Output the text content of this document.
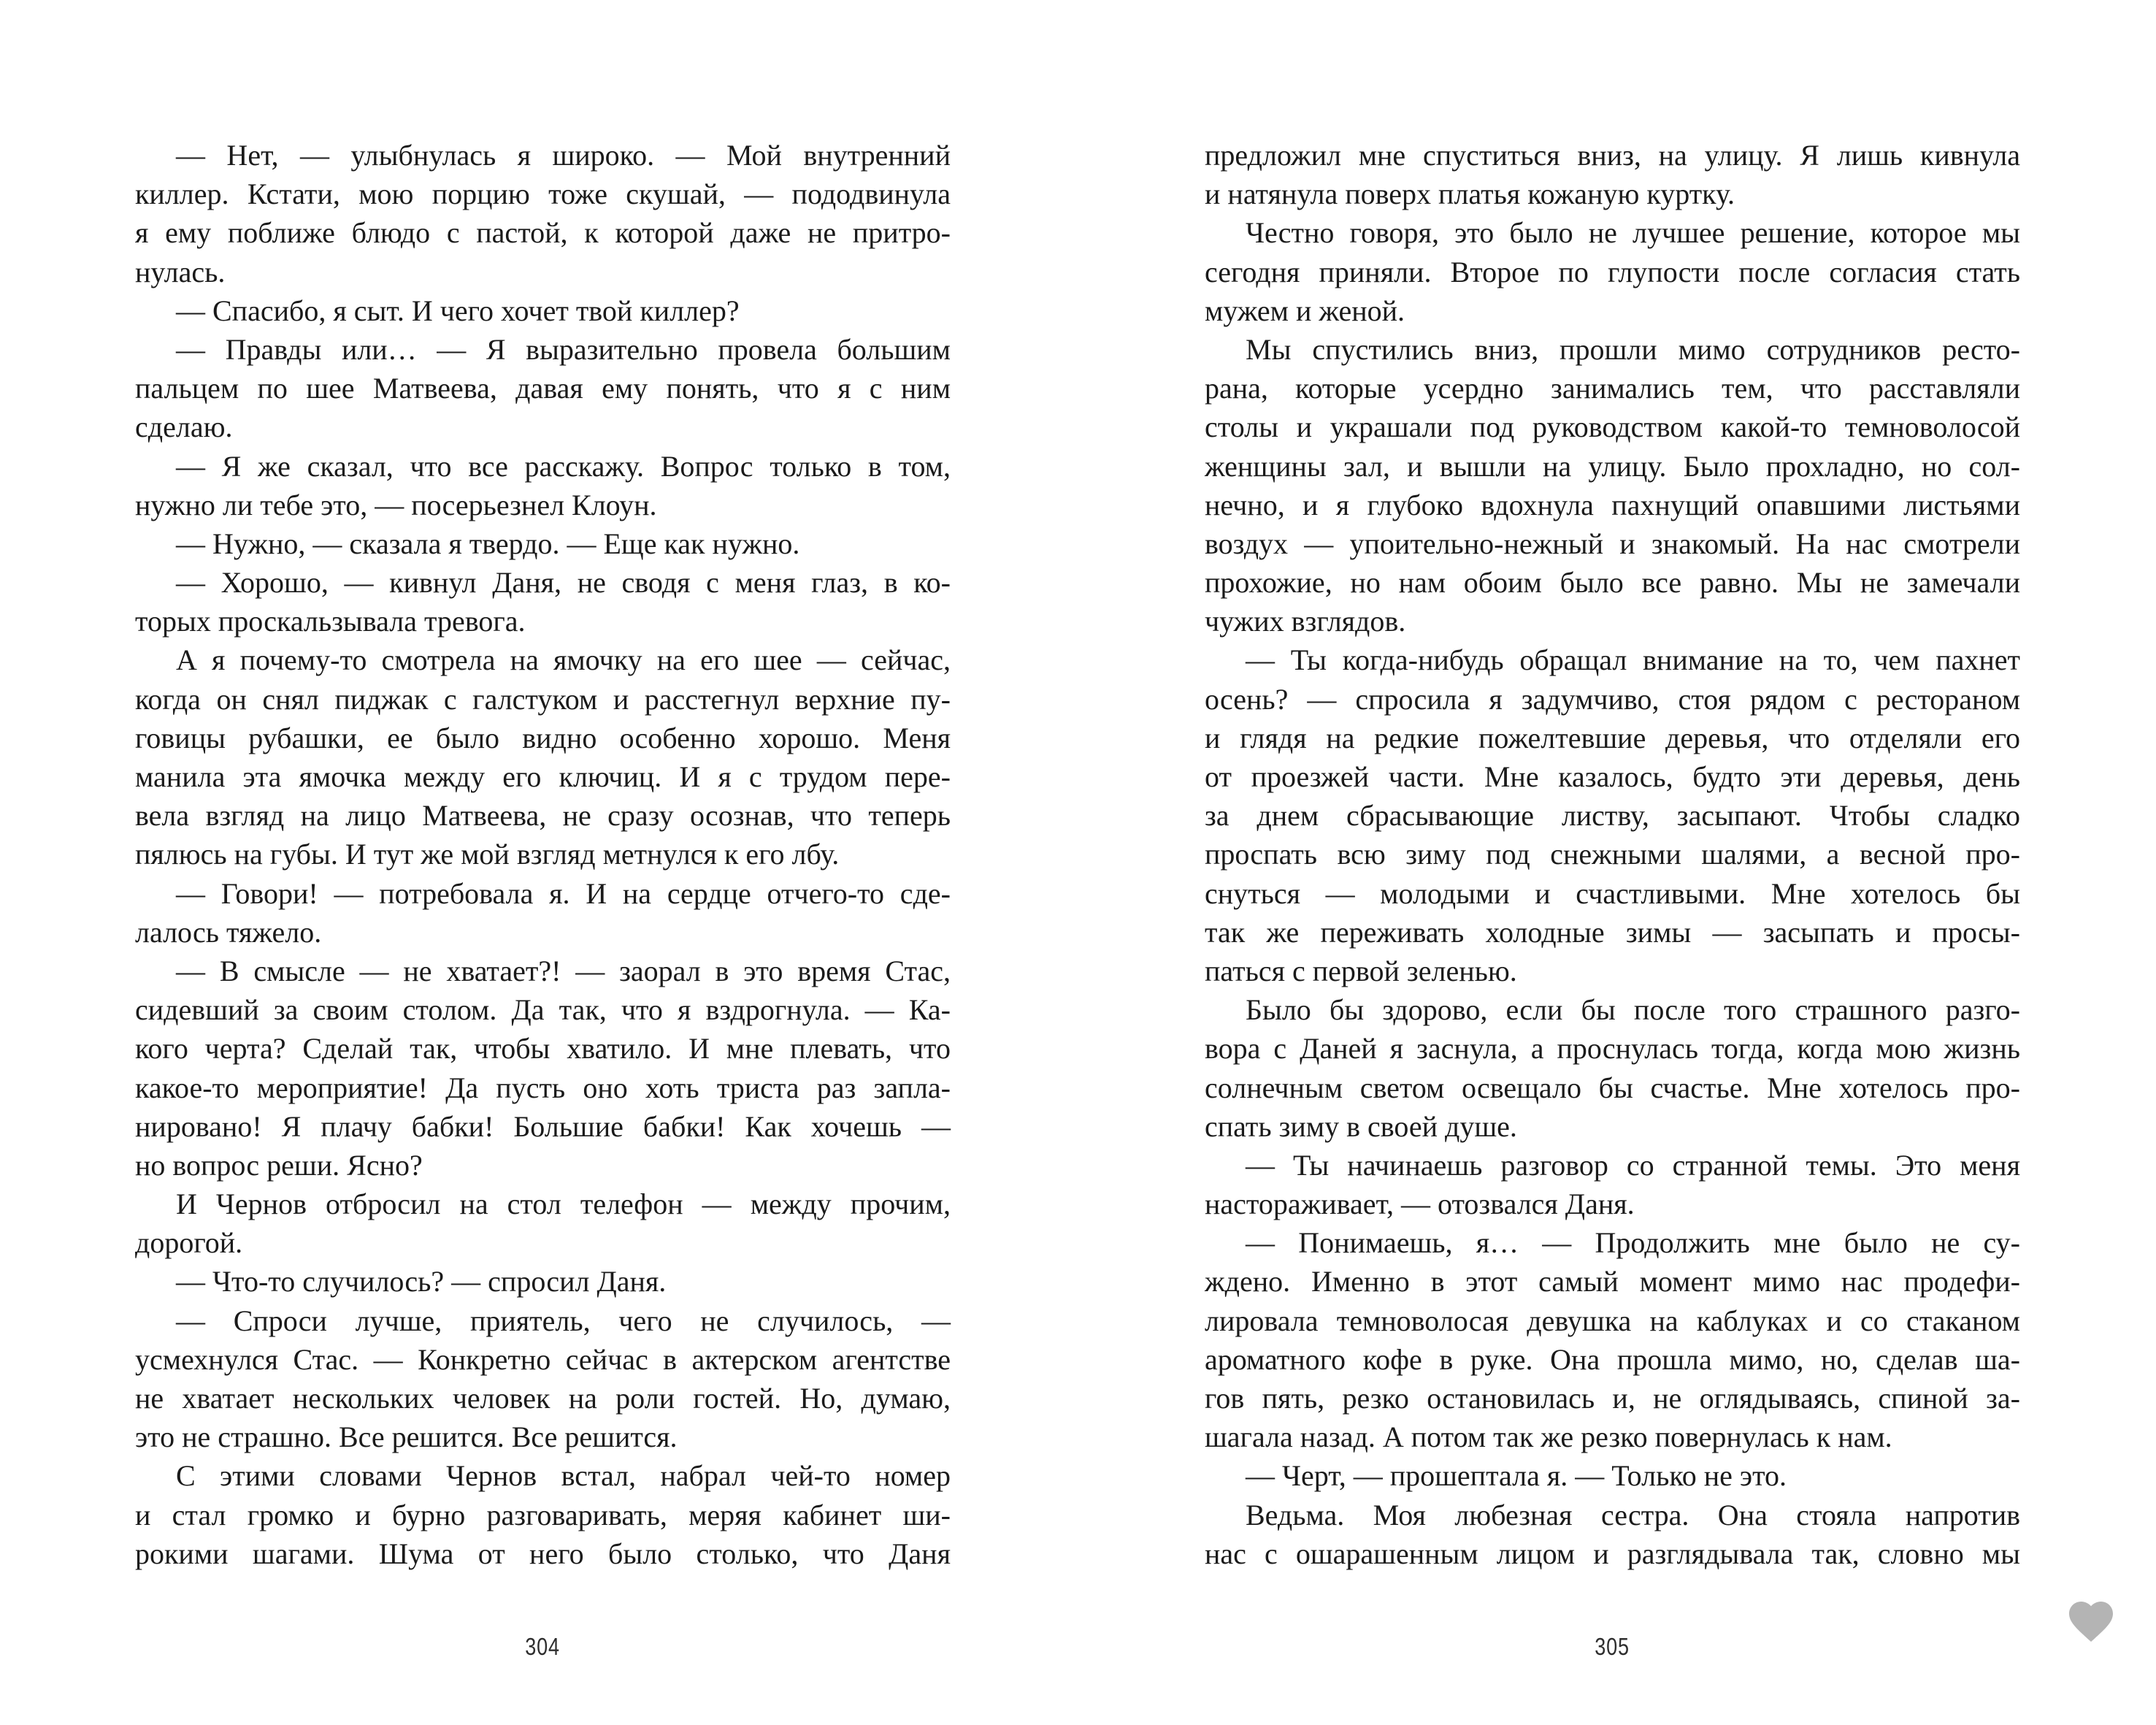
— Нет, — улыбнулась я широко. — Мой внутренний
киллер. Кстати, мою порцию тоже скушай, — пододвинула
я ему поближе блюдо с пастой, к которой даже не притро-
нулась.
— Спасибо, я сыт. И чего хочет твой киллер?
— Правды или… — Я выразительно провела большим
пальцем по шее Матвеева, давая ему понять, что я с ним
сделаю.
— Я же сказал, что все расскажу. Вопрос только в том,
нужно ли тебе это, — посерьезнел Клоун.
— Нужно, — сказала я твердо. — Еще как нужно.
— Хорошо, — кивнул Даня, не сводя с меня глаз, в ко-
торых проскальзывала тревога.
А я почему-то смотрела на ямочку на его шее — сейчас,
когда он снял пиджак с галстуком и расстегнул верхние пу-
говицы рубашки, ее было видно особенно хорошо. Меня
манила эта ямочка между его ключиц. И я с трудом пере-
вела взгляд на лицо Матвеева, не сразу осознав, что теперь
пялюсь на губы. И тут же мой взгляд метнулся к его лбу.
— Говори! — потребовала я. И на сердце отчего-то сде-
лалось тяжело.
— В смысле — не хватает?! — заорал в это время Стас,
сидевший за своим столом. Да так, что я вздрогнула. — Ка-
кого черта? Сделай так, чтобы хватило. И мне плевать, что
какое-то мероприятие! Да пусть оно хоть триста раз запла-
нировано! Я плачу бабки! Большие бабки! Как хочешь —
но вопрос реши. Ясно?
И Чернов отбросил на стол телефон — между прочим,
дорогой.
— Что-то случилось? — спросил Даня.
— Спроси лучше, приятель, чего не случилось, —
усмехнулся Стас. — Конкретно сейчас в актерском агентстве
не хватает нескольких человек на роли гостей. Но, думаю,
это не страшно. Все решится. Все решится.
С этими словами Чернов встал, набрал чей-то номер
и стал громко и бурно разговаривать, меряя кабинет ши-
рокими шагами. Шума от него было столько, что Даня
304
предложил мне спуститься вниз, на улицу. Я лишь кивнула
и натянула поверх платья кожаную куртку.
Честно говоря, это было не лучшее решение, которое мы
сегодня приняли. Второе по глупости после согласия стать
мужем и женой.
Мы спустились вниз, прошли мимо сотрудников ресто-
рана, которые усердно занимались тем, что расставляли
столы и украшали под руководством какой-то темноволосой
женщины зал, и вышли на улицу. Было прохладно, но сол-
нечно, и я глубоко вдохнула пахнущий опавшими листьями
воздух — упоительно-нежный и знакомый. На нас смотрели
прохожие, но нам обоим было все равно. Мы не замечали
чужих взглядов.
— Ты когда-нибудь обращал внимание на то, чем пахнет
осень? — спросила я задумчиво, стоя рядом с рестораном
и глядя на редкие пожелтевшие деревья, что отделяли его
от проезжей части. Мне казалось, будто эти деревья, день
за днем сбрасывающие листву, засыпают. Чтобы сладко
проспать всю зиму под снежными шалями, а весной про-
снуться — молодыми и счастливыми. Мне хотелось бы
так же переживать холодные зимы — засыпать и просы-
паться с первой зеленью.
Было бы здорово, если бы после того страшного разго-
вора с Даней я заснула, а проснулась тогда, когда мою жизнь
солнечным светом освещало бы счастье. Мне хотелось про-
спать зиму в своей душе.
— Ты начинаешь разговор со странной темы. Это меня
настораживает, — отозвался Даня.
— Понимаешь, я… — Продолжить мне было не су-
ждено. Именно в этот самый момент мимо нас продефи-
лировала темноволосая девушка на каблуках и со стаканом
ароматного кофе в руке. Она прошла мимо, но, сделав ша-
гов пять, резко остановилась и, не оглядываясь, спиной за-
шагала назад. А потом так же резко повернулась к нам.
— Черт, — прошептала я. — Только не это.
Ведьма. Моя любезная сестра. Она стояла напротив
нас с ошарашенным лицом и разглядывала так, словно мы
305
